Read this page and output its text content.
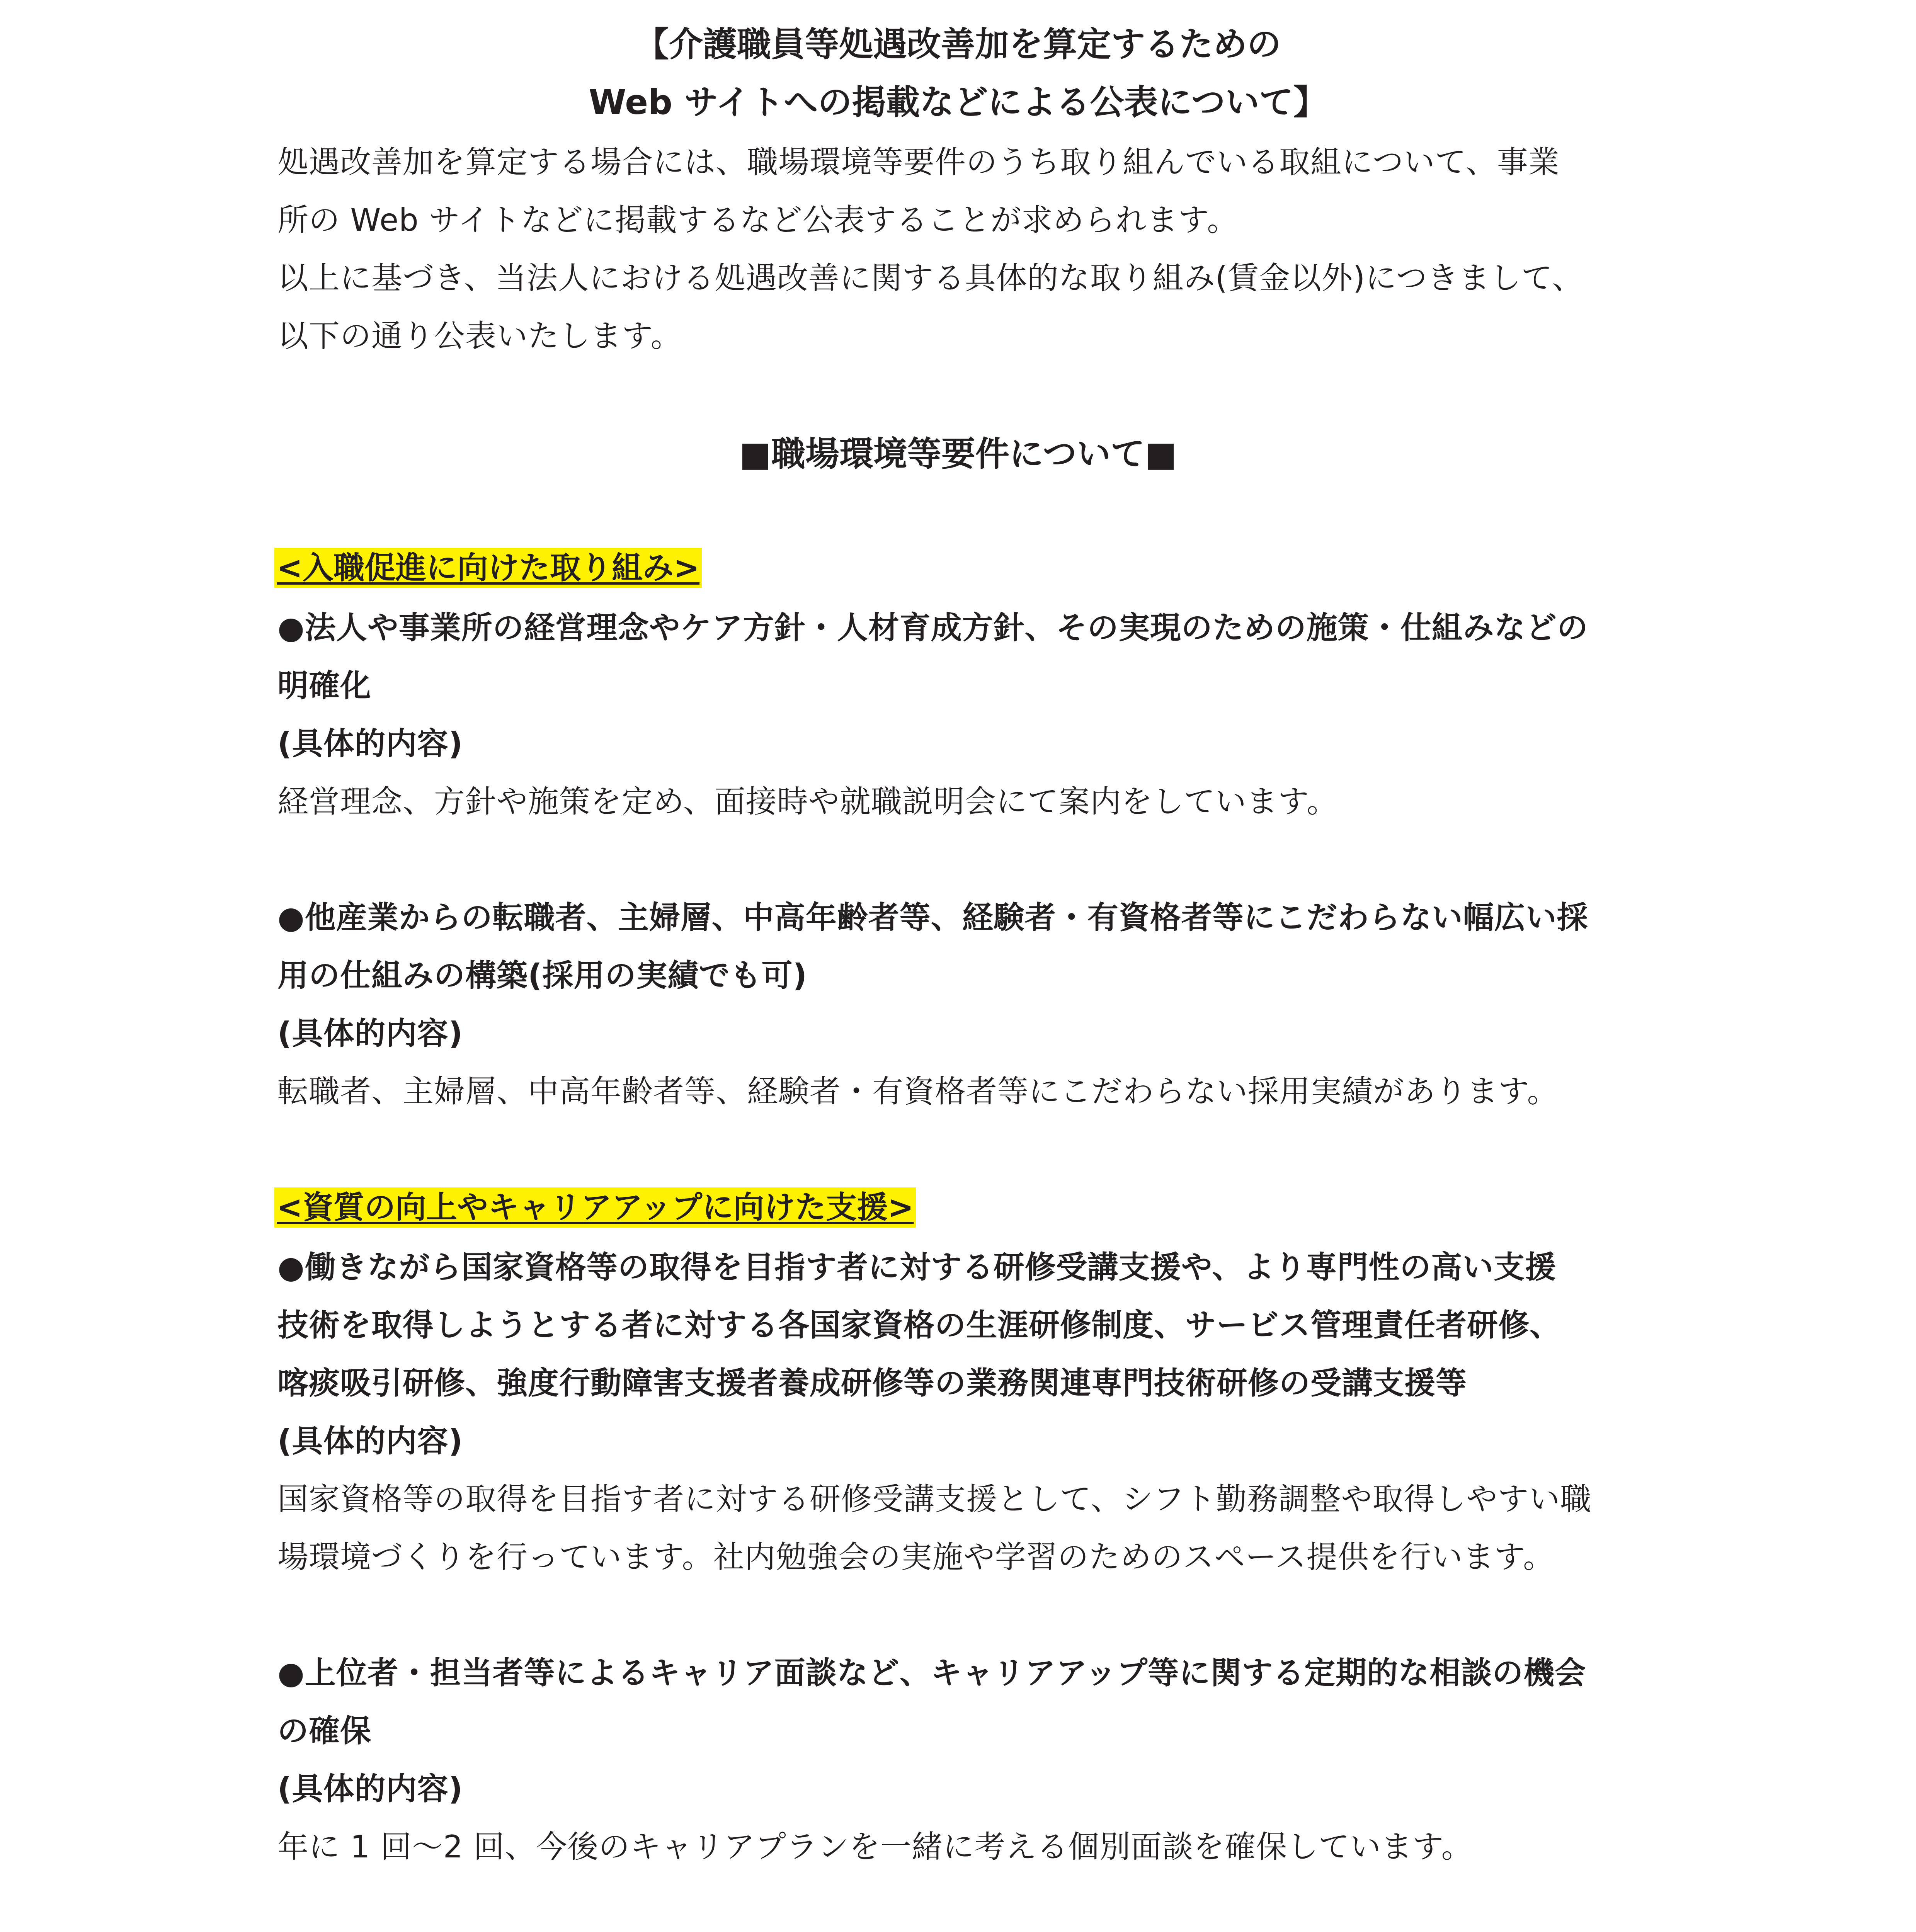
【介護職員等処遇改善加を算定するための
Web サイトへの掲載などによる公表について】
処遇改善加を算定する場合には、職場環境等要件のうち取り組んでいる取組について、事業
所の Web サイトなどに掲載するなど公表することが求められます。
以上に基づき、当法人における処遇改善に関する具体的な取り組み(賃金以外)につきまして、
以下の通り公表いたします。
■職場環境等要件について■
<入職促進に向けた取り組み>
●法人や事業所の経営理念やケア方針・人材育成方針、その実現のための施策・仕組みなどの
明確化
(具体的内容)
経営理念、方針や施策を定め、面接時や就職説明会にて案内をしています。
●他産業からの転職者、主婦層、中高年齢者等、経験者・有資格者等にこだわらない幅広い採
用の仕組みの構築(採用の実績でも可)
(具体的内容)
転職者、主婦層、中高年齢者等、経験者・有資格者等にこだわらない採用実績があります。
<資質の向上やキャリアアップに向けた支援>
●働きながら国家資格等の取得を目指す者に対する研修受講支援や、より専門性の高い支援
技術を取得しようとする者に対する各国家資格の生涯研修制度、サービス管理責任者研修、
喀痰吸引研修、強度行動障害支援者養成研修等の業務関連専門技術研修の受講支援等
(具体的内容)
国家資格等の取得を目指す者に対する研修受講支援として、シフト勤務調整や取得しやすい職
場環境づくりを行っています。社内勉強会の実施や学習のためのスペース提供を行います。
●上位者・担当者等によるキャリア面談など、キャリアアップ等に関する定期的な相談の機会
の確保
(具体的内容)
年に 1 回～2 回、今後のキャリアプランを一緒に考える個別面談を確保しています。
